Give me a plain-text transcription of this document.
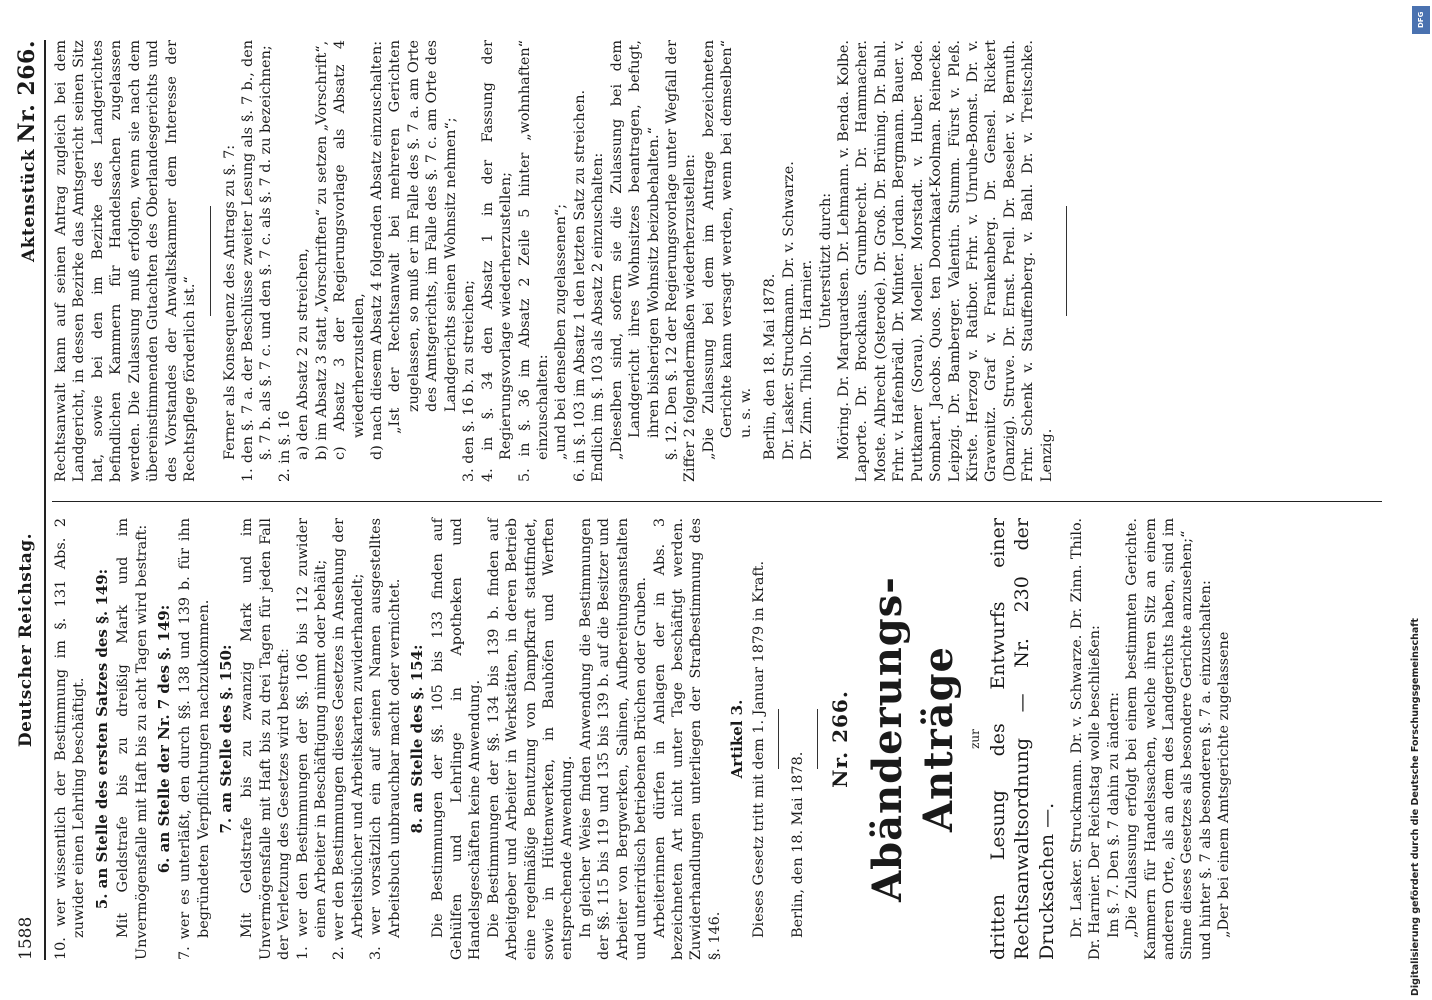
1588
Deutscher Reichstag.
Aktenstück Nr. 266.

10. wer wissentlich der Bestimmung im §. 131 Abs. 2 zuwider einen Lehrling beschäftigt. 5. an Stelle des ersten Satzes des §. 149: Mit Geldstrafe bis zu dreißig Mark und im Unvermögensfalle mit Haft bis zu acht Tagen wird bestraft: 6. an Stelle der Nr. 7 des §. 149: 7. wer es unterläßt, den durch §§. 138 und 139 b. für ihn begründeten Verpflichtungen nachzukommen. 7. an Stelle des §. 150: Mit Geldstrafe bis zu zwanzig Mark und im Unvermögensfalle mit Haft bis zu drei Tagen für jeden Fall der Verletzung des Gesetzes wird bestraft: 1. wer den Bestimmungen der §§. 106 bis 112 zuwider einen Arbeiter in Beschäftigung nimmt oder behält; 2. wer den Bestimmungen dieses Gesetzes in Ansehung der Arbeitsbücher und Arbeitskarten zuwiderhandelt; 3. wer vorsätzlich ein auf seinen Namen ausgestelltes Arbeitsbuch unbrauchbar macht oder vernichtet. 8. an Stelle des §. 154: Die Bestimmungen der §§. 105 bis 133 finden auf Gehülfen und Lehrlinge in Apotheken und Handelsgeschäften keine Anwendung. Die Bestimmungen der §§. 134 bis 139 b. finden auf Arbeitgeber und Arbeiter in Werkstätten, in deren Betrieb eine regelmäßige Benutzung von Dampfkraft stattfindet, sowie in Hüttenwerken, in Bauhöfen und Werften entsprechende Anwendung. In gleicher Weise finden Anwendung die Bestimmungen der §§. 115 bis 119 und 135 bis 139 b. auf die Besitzer und Arbeiter von Bergwerken, Salinen, Aufbereitungsanstalten und unterirdisch betriebenen Brüchen oder Gruben. Arbeiterinnen dürfen in Anlagen der in Abs. 3 bezeichneten Art nicht unter Tage beschäftigt werden. Zuwiderhandlungen unterliegen der Strafbestimmung des §. 146.

Artikel 3. Dieses Gesetz tritt mit dem 1. Januar 1879 in Kraft. Berlin, den 18. Mai 1878.

Nr. 266. Abänderungs-Anträge zur dritten Lesung des Entwurfs einer Rechtsanwaltsordnung — Nr. 230 der Drucksachen —. Dr. Lasker. Struckmann. Dr. v. Schwarze. Dr. Zinn. Thilo. Dr. Harnier. Der Reichstag wolle beschließen: Im §. 7. Den §. 7 dahin zu ändern: „Die Zulassung erfolgt bei einem bestimmten Gerichte. Kammern für Handelssachen, welche ihren Sitz an einem anderen Orte, als an dem des Landgerichts haben, sind im Sinne dieses Gesetzes als besondere Gerichte anzusehen;“ und hinter §. 7 als besonderen §. 7 a. einzuschalten: „Der bei einem Amtsgerichte zugelassene

Rechtsanwalt kann auf seinen Antrag zugleich bei dem Landgericht, in dessen Bezirke das Amtsgericht seinen Sitz hat, sowie bei den im Bezirke des Landgerichtes befindlichen Kammern für Handelssachen zugelassen werden. Die Zulassung muß erfolgen, wenn sie nach dem übereinstimmenden Gutachten des Oberlandesgerichts und des Vorstandes der Anwaltskammer dem Interesse der Rechtspflege förderlich ist.“ Ferner als Konsequenz des Antrags zu §. 7: 1. den §. 7 a. der Beschlüsse zweiter Lesung als §. 7 b., den §. 7 b. als §. 7 c. und den §. 7 c. als §. 7 d. zu bezeichnen; 2. in §. 16 a) den Absatz 2 zu streichen, b) im Absatz 3 statt „Vorschriften“ zu setzen „Vorschrift“, c) Absatz 3 der Regierungsvorlage als Absatz 4 wiederherzustellen, d) nach diesem Absatz 4 folgenden Absatz einzuschalten: „Ist der Rechtsanwalt bei mehreren Gerichten zugelassen, so muß er im Falle des §. 7 a. am Orte des Amtsgerichts, im Falle des §. 7 c. am Orte des Landgerichts seinen Wohnsitz nehmen“; 3. den §. 16 b. zu streichen; 4. in §. 34 den Absatz 1 in der Fassung der Regierungsvorlage wiederherzustellen; 5. in §. 36 im Absatz 2 Zeile 5 hinter „wohnhaften“ einzuschalten: „und bei denselben zugelassenen“; 6. in §. 103 im Absatz 1 den letzten Satz zu streichen. Endlich im §. 103 als Absatz 2 einzuschalten: „Dieselben sind, sofern sie die Zulassung bei dem Landgericht ihres Wohnsitzes beantragen, befugt, ihren bisherigen Wohnsitz beizubehalten.“ §. 12. Den §. 12 der Regierungsvorlage unter Wegfall der Ziffer 2 folgendermaßen wiederherzustellen: „Die Zulassung bei dem im Antrage bezeichneten Gerichte kann versagt werden, wenn bei demselben“ u. s. w. Berlin, den 18. Mai 1878. Dr. Lasker. Struckmann. Dr. v. Schwarze. Dr. Zinn. Thilo. Dr. Harnier. Unterstützt durch: Möring. Dr. Marquardsen. Dr. Lehmann. v. Benda. Kolbe. Laporte. Dr. Brockhaus. Grumbrecht. Dr. Hammacher. Moste. Albrecht (Osterode). Dr. Groß. Dr. Brüning. Dr. Buhl. Frhr. v. Hafenbrädl. Dr. Minter. Jordan. Bergmann. Bauer. v. Puttkamer (Sorau). Moeller. Morstadt. v. Huber. Bode. Sombart. Jacobs. Quos. ten Doornkaat-Koolman. Reinecke. Leipzig. Dr. Bamberger. Valentin. Stumm. Fürst v. Pleß. Kirste. Herzog v. Ratibor. Frhr. v. Unruhe-Bomst. Dr. v. Gravenitz. Graf v. Frankenberg. Dr. Gensel. Rickert (Danzig). Struve. Dr. Ernst. Prell. Dr. Beseler. v. Bernuth. Frhr. Schenk v. Stauffenberg. v. Bahl. Dr. v. Treitschke. Lenzig.

Digitalisierung gefördert durch die Deutsche Forschungsgemeinschaft
DFG
